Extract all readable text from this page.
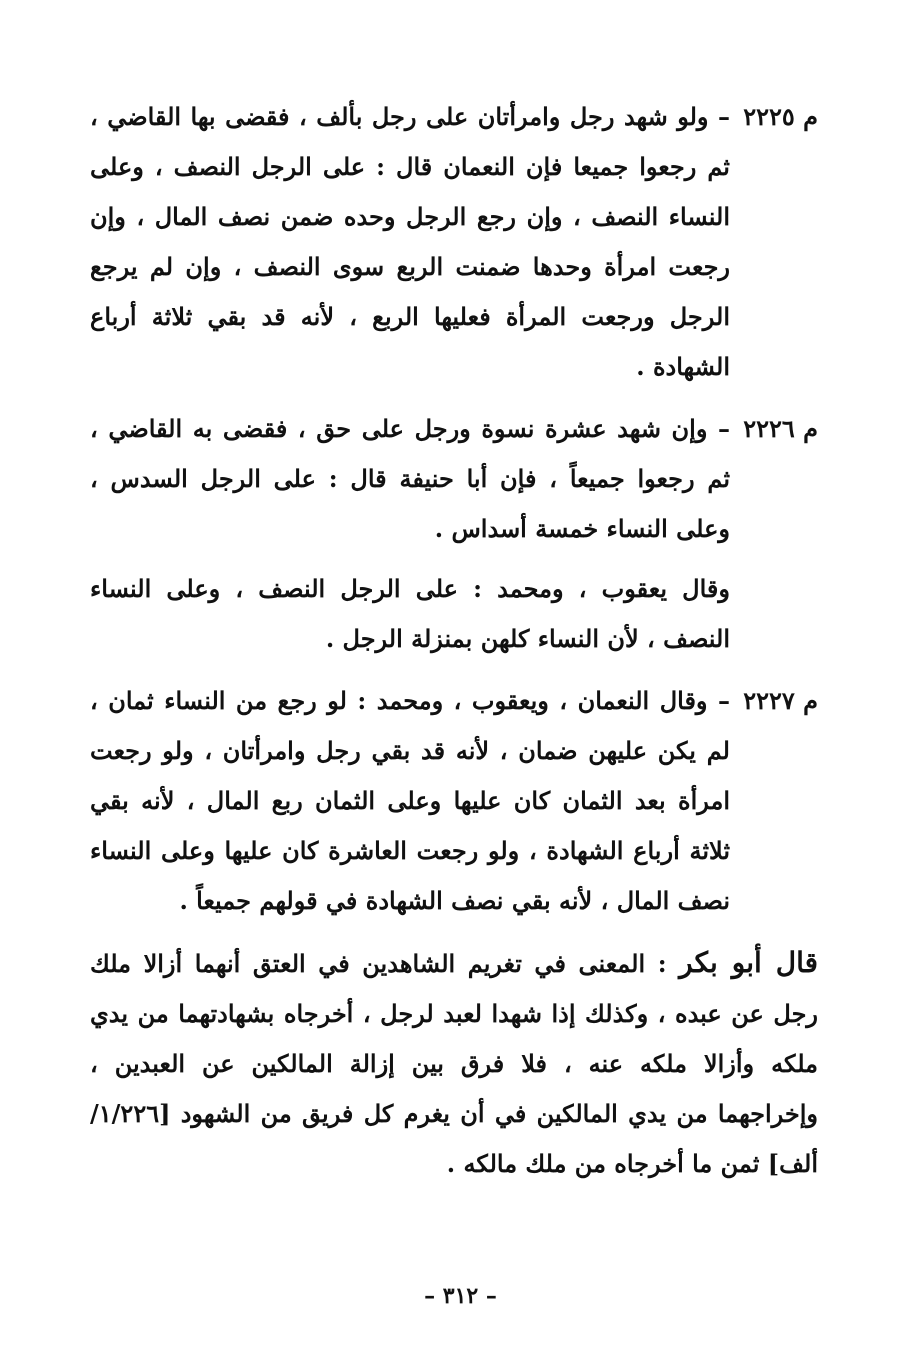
م ٢٢٢٥
– ولو شهد رجل وامرأتان على رجل بألف ، فقضى بها القاضي ، ثم رجعوا جميعا فإن النعمان قال : على الرجل النصف ، وعلى النساء النصف ، وإن رجع الرجل وحده ضمن نصف المال ، وإن رجعت امرأة وحدها ضمنت الربع سوى النصف ، وإن لم يرجع الرجل ورجعت المرأة فعليها الربع ، لأنه قد بقي ثلاثة أرباع الشهادة .
م ٢٢٢٦
– وإن شهد عشرة نسوة ورجل على حق ، فقضى به القاضي ، ثم رجعوا جميعاً ، فإن أبا حنيفة قال : على الرجل السدس ، وعلى النساء خمسة أسداس .
وقال يعقوب ، ومحمد : على الرجل النصف ، وعلى النساء النصف ، لأن النساء كلهن بمنزلة الرجل .
م ٢٢٢٧
– وقال النعمان ، ويعقوب ، ومحمد : لو رجع من النساء ثمان ، لم يكن عليهن ضمان ، لأنه قد بقي رجل وامرأتان ، ولو رجعت امرأة بعد الثمان كان عليها وعلى الثمان ربع المال ، لأنه بقي ثلاثة أرباع الشهادة ، ولو رجعت العاشرة كان عليها وعلى النساء نصف المال ، لأنه بقي نصف الشهادة في قولهم جميعاً .
قال أبو بكر : المعنى في تغريم الشاهدين في العتق أنهما أزالا ملك رجل عن عبده ، وكذلك إذا شهدا لعبد لرجل ، أخرجاه بشهادتهما من يدي ملكه وأزالا ملكه عنه ، فلا فرق بين إزالة المالكين عن العبدين ، وإخراجهما من يدي المالكين في أن يغرم كل فريق من الشهود [١/٢٢٦/ألف] ثمن ما أخرجاه من ملك مالكه .
– ٣١٢ –
